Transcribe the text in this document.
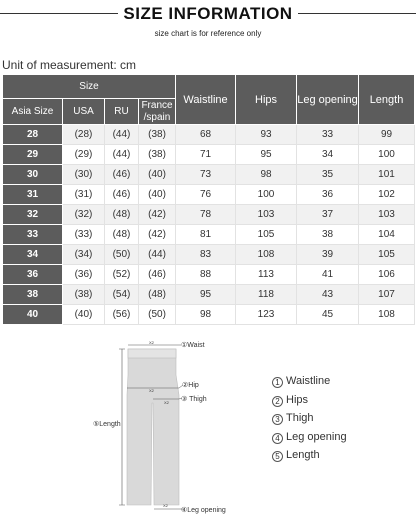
SIZE INFORMATION
size chart is for reference only
Unit of measurement: cm
Size				Waistline	Hips	Leg opening	Length
Asia Size	USA	RU	France /spain				
28	(28)	(44)	(38)	68	93	33	99
29	(29)	(44)	(38)	71	95	34	100
30	(30)	(46)	(40)	73	98	35	101
31	(31)	(46)	(40)	76	100	36	102
32	(32)	(48)	(42)	78	103	37	103
33	(33)	(48)	(42)	81	105	38	104
34	(34)	(50)	(44)	83	108	39	105
36	(36)	(52)	(46)	88	113	41	106
38	(38)	(54)	(48)	95	118	43	107
40	(40)	(56)	(50)	98	123	45	108
X2	①Waist
X2
②Hip
X2 ③ Thigh
⑤Length
X2
④Leg opening
1 Waistline
2 Hips
3 Thigh
4 Leg opening
5 Length
